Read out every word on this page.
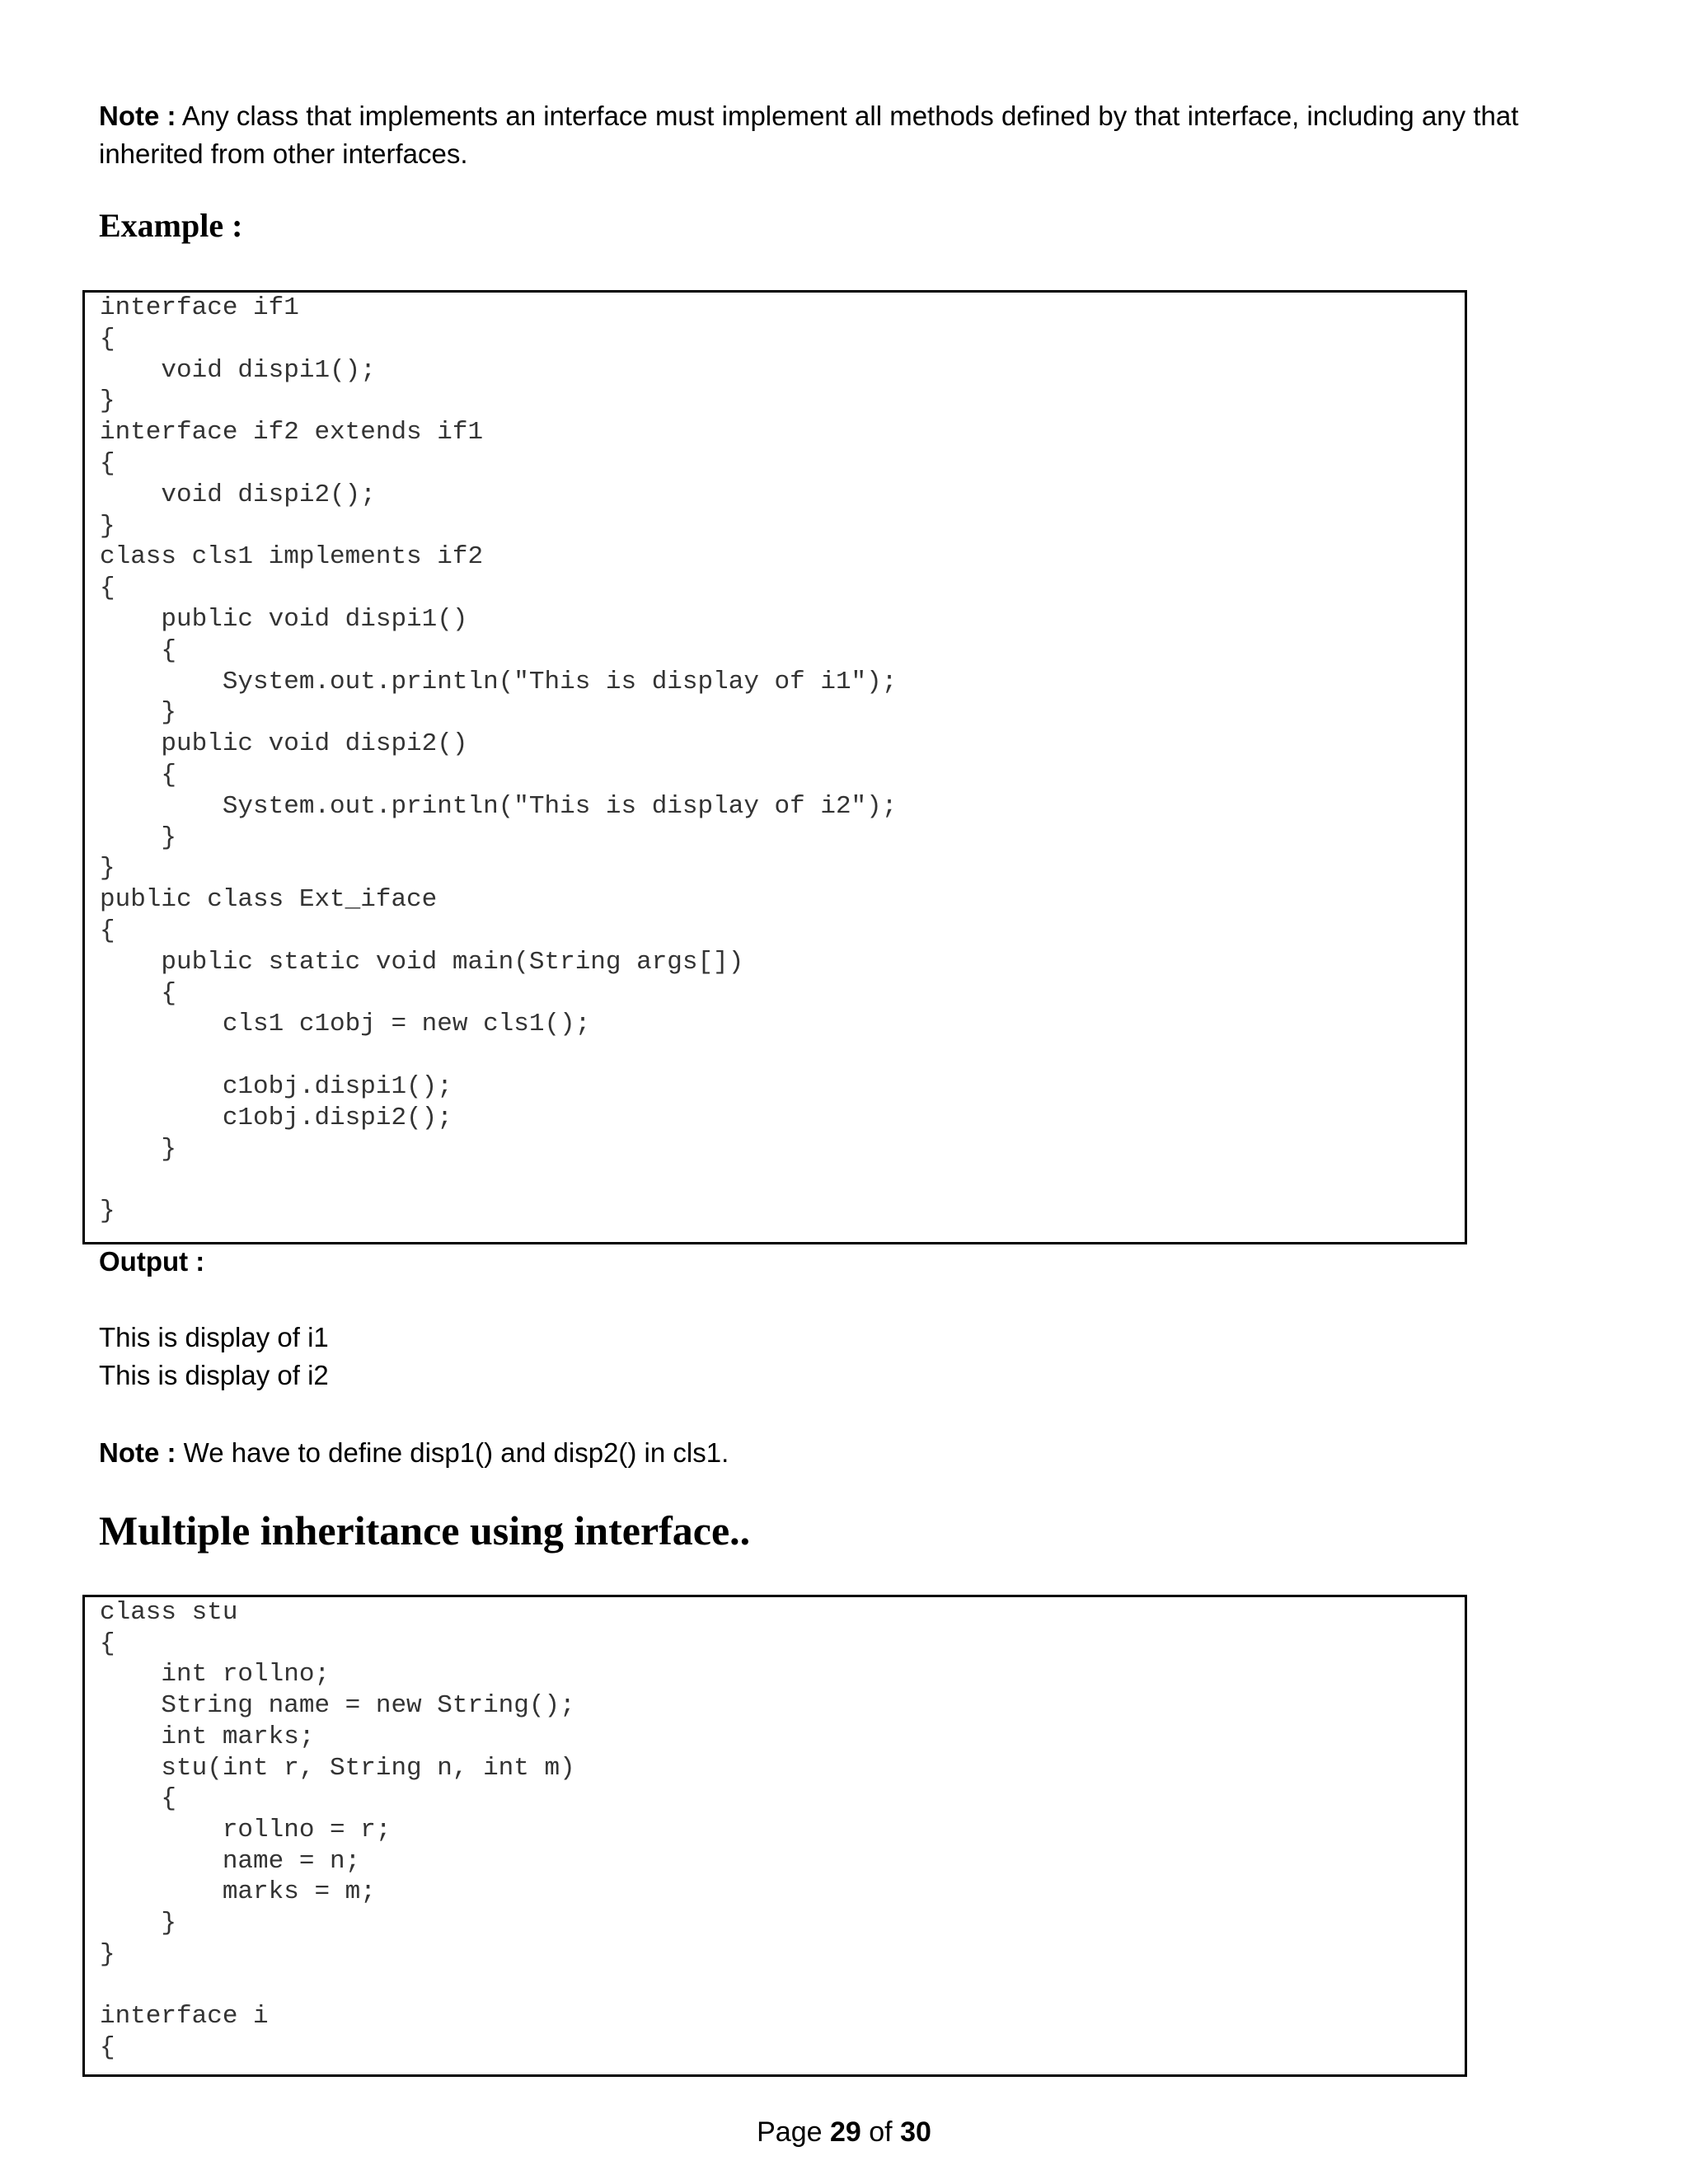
Note : Any class that implements an interface must implement all methods defined by that interface, including any that inherited from other interfaces.
Example :
interface if1
{
void dispi1();
}
interface if2 extends if1
{
void dispi2();
}
class cls1 implements if2
{
public void dispi1()
{
System.out.println("This is display of i1");
}
public void dispi2()
{
System.out.println("This is display of i2");
}
}
public class Ext_iface
{
public static void main(String args[])
{
cls1 c1obj = new cls1();

c1obj.dispi1();
c1obj.dispi2();
}

}
Output :
This is display of i1
This is display of i2
Note : We have to define disp1() and disp2() in cls1.
Multiple inheritance using interface..
class stu
{
int rollno;
String name = new String();
int marks;
stu(int r, String n, int m)
{
rollno = r;
name = n;
marks = m;
}
}

interface i
{
Page 29 of 30
